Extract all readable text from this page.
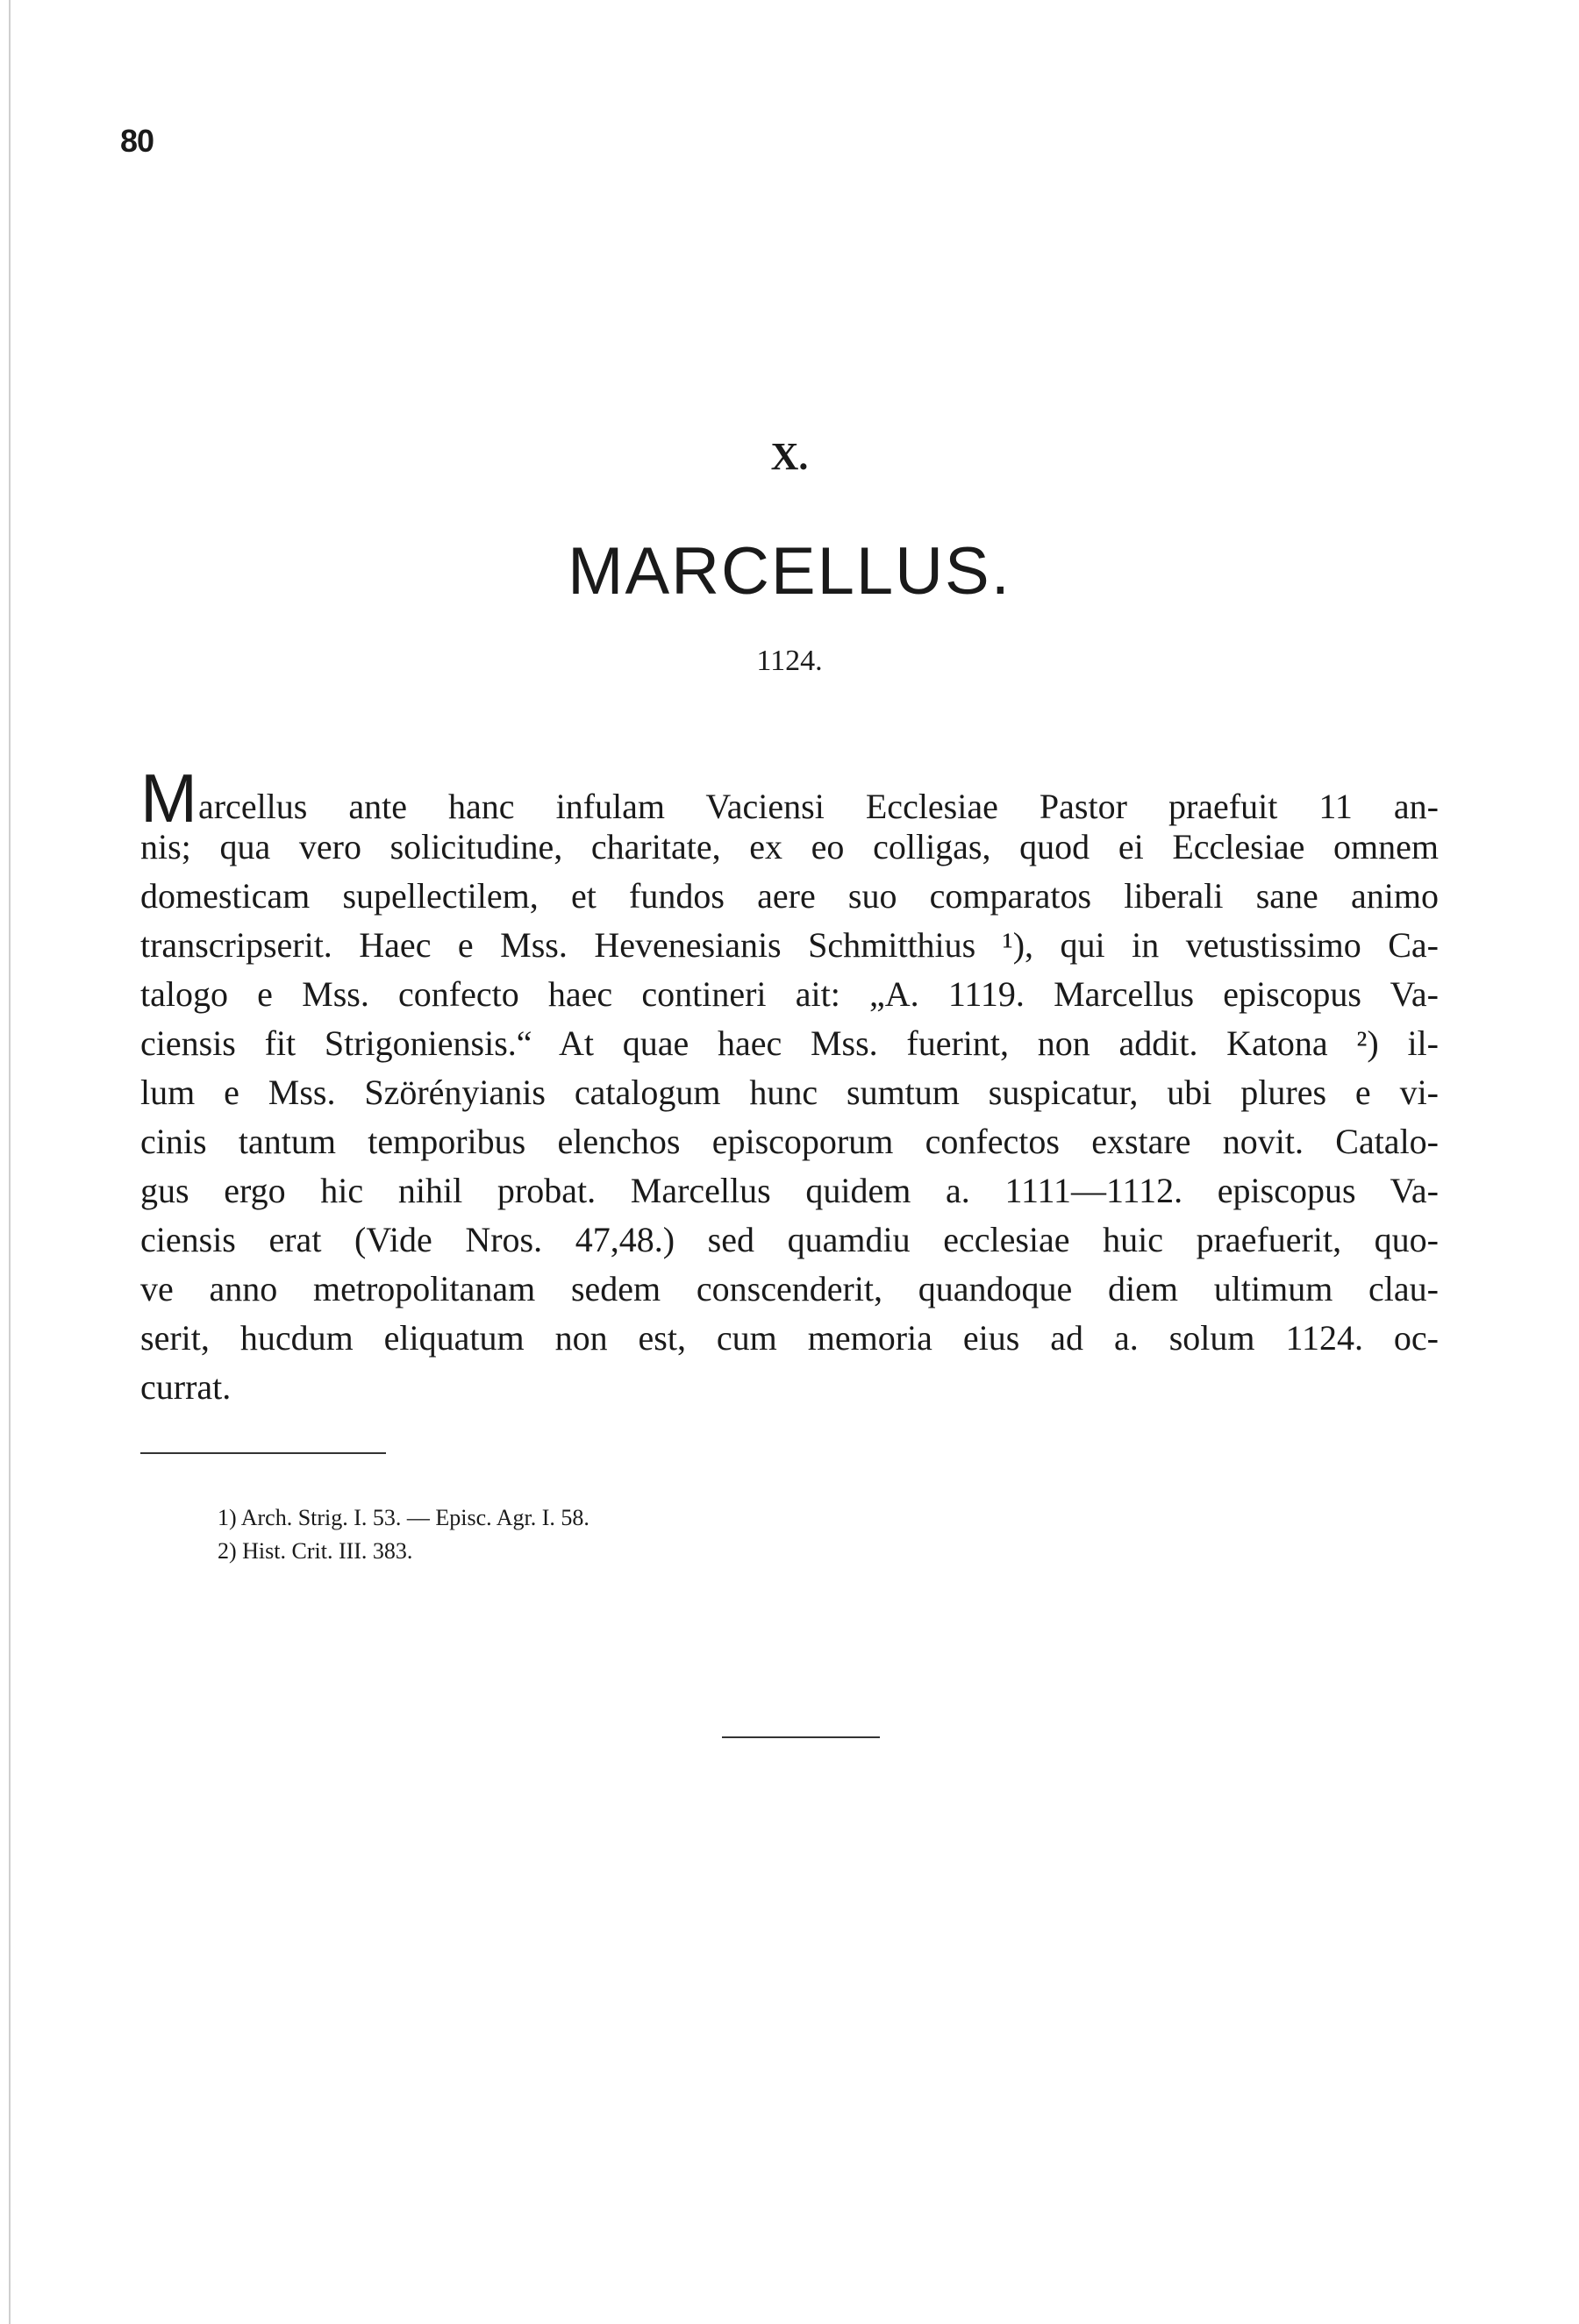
80
X.
MARCELLUS.
1124.
Marcellus ante hanc infulam Vaciensi Ecclesiae Pastor praefuit 11 an-
nis; qua vero solicitudine, charitate, ex eo colligas, quod ei Ecclesiae omnem
domesticam supellectilem, et fundos aere suo comparatos liberali sane animo
transcripserit. Haec e Mss. Hevenesianis Schmitthius ¹), qui in vetustissimo Ca-
talogo e Mss. confecto haec contineri ait: „A. 1119. Marcellus episcopus Va-
ciensis fit Strigoniensis.“ At quae haec Mss. fuerint, non addit. Katona ²) il-
lum e Mss. Szörényianis catalogum hunc sumtum suspicatur, ubi plures e vi-
cinis tantum temporibus elenchos episcoporum confectos exstare novit. Catalo-
gus ergo hic nihil probat. Marcellus quidem a. 1111—1112. episcopus Va-
ciensis erat (Vide Nros. 47,48.) sed quamdiu ecclesiae huic praefuerit, quo-
ve anno metropolitanam sedem conscenderit, quandoque diem ultimum clau-
serit, hucdum eliquatum non est, cum memoria eius ad a. solum 1124. oc-
currat.
1) Arch. Strig. I. 53. — Episc. Agr. I. 58.
2) Hist. Crit. III. 383.
